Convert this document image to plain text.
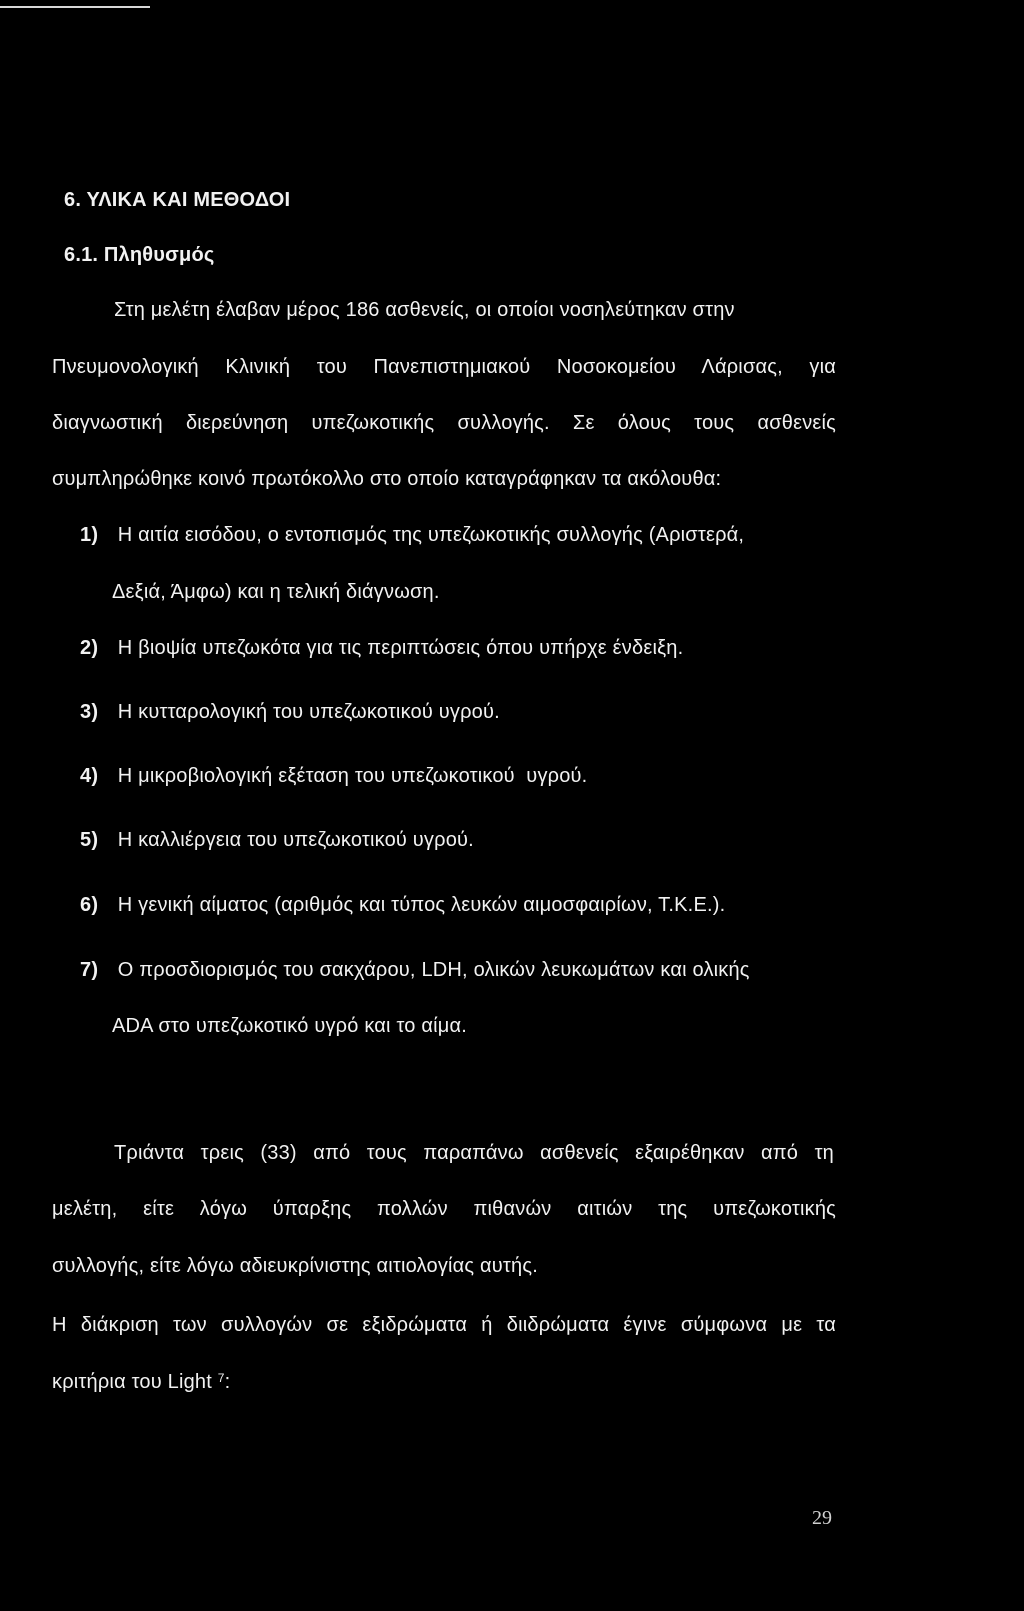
6. ΥΛΙΚΑ ΚΑΙ ΜΕΘΟΔΟΙ
6.1. Πληθυσμός
Στη μελέτη έλαβαν μέρος 186 ασθενείς, οι οποίοι νοσηλεύτηκαν στην
Πνευμονολογική Κλινική του Πανεπιστημιακού Νοσοκομείου Λάρισας, για
διαγνωστική διερεύνηση υπεζωκοτικής συλλογής. Σε όλους τους ασθενείς
συμπληρώθηκε κοινό πρωτόκολλο στο οποίο καταγράφηκαν τα ακόλουθα:
1) Η αιτία εισόδου, ο εντοπισμός της υπεζωκοτικής συλλογής (Αριστερά,
Δεξιά, Άμφω) και η τελική διάγνωση.
2) Η βιοψία υπεζωκότα για τις περιπτώσεις όπου υπήρχε ένδειξη.
3) Η κυτταρολογική του υπεζωκοτικού υγρού.
4) Η μικροβιολογική εξέταση του υπεζωκοτικού  υγρού.
5) Η καλλιέργεια του υπεζωκοτικού υγρού.
6) Η γενική αίματος (αριθμός και τύπος λευκών αιμοσφαιρίων, Τ.Κ.Ε.).
7) Ο προσδιορισμός του σακχάρου, LDH, ολικών λευκωμάτων και ολικής
ADA στο υπεζωκοτικό υγρό και το αίμα.
Τριάντα τρεις (33) από τους παραπάνω ασθενείς εξαιρέθηκαν από τη
μελέτη, είτε λόγω ύπαρξης πολλών πιθανών αιτιών της υπεζωκοτικής
συλλογής, είτε λόγω αδιευκρίνιστης αιτιολογίας αυτής.
Η διάκριση των συλλογών σε εξιδρώματα ή διιδρώματα έγινε σύμφωνα με τα
κριτήρια του Light $^7$:
29
